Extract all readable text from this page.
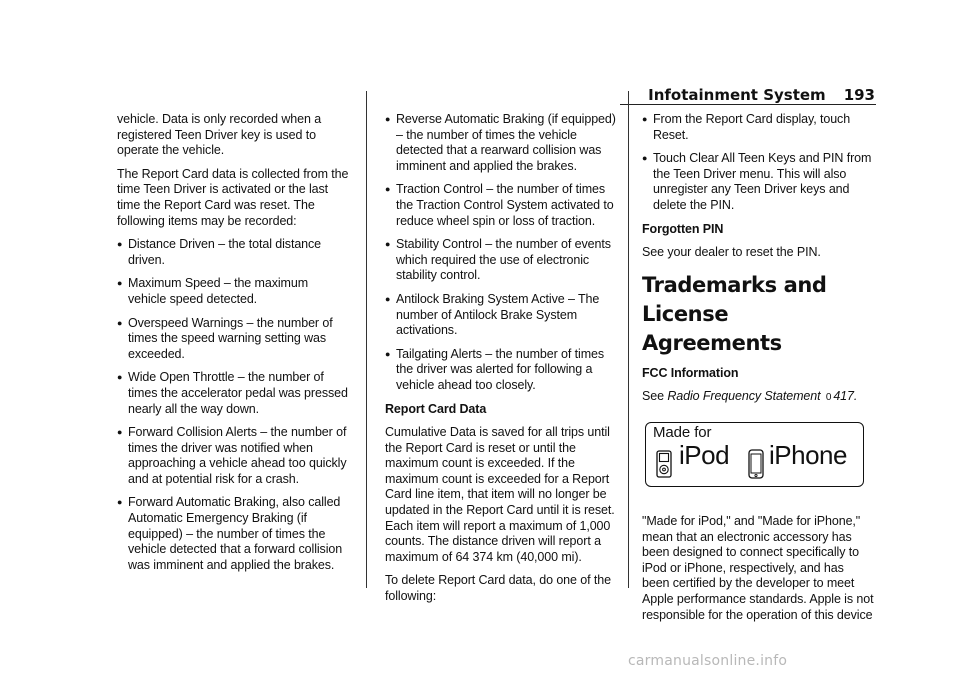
Infotainment System 193

vehicle. Data is only recorded when a registered Teen Driver key is used to operate the vehicle.

The Report Card data is collected from the time Teen Driver is activated or the last time the Report Card was reset. The following items may be recorded:

● Distance Driven – the total distance driven.
● Maximum Speed – the maximum vehicle speed detected.
● Overspeed Warnings – the number of times the speed warning setting was exceeded.
● Wide Open Throttle – the number of times the accelerator pedal was pressed nearly all the way down.
● Forward Collision Alerts – the number of times the driver was notified when approaching a vehicle ahead too quickly and at potential risk for a crash.
● Forward Automatic Braking, also called Automatic Emergency Braking (if equipped) – the number of times the vehicle detected that a forward collision was imminent and applied the brakes.
● Reverse Automatic Braking (if equipped) – the number of times the vehicle detected that a rearward collision was imminent and applied the brakes.
● Traction Control – the number of times the Traction Control System activated to reduce wheel spin or loss of traction.
● Stability Control – the number of events which required the use of electronic stability control.
● Antilock Braking System Active – The number of Antilock Brake System activations.
● Tailgating Alerts – the number of times the driver was alerted for following a vehicle ahead too closely.

Report Card Data

Cumulative Data is saved for all trips until the Report Card is reset or until the maximum count is exceeded. If the maximum count is exceeded for a Report Card line item, that item will no longer be updated in the Report Card until it is reset. Each item will report a maximum of 1,000 counts. The distance driven will report a maximum of 64 374 km (40,000 mi).

To delete Report Card data, do one of the following:

● From the Report Card display, touch Reset.
● Touch Clear All Teen Keys and PIN from the Teen Driver menu. This will also unregister any Teen Driver keys and delete the PIN.

Forgotten PIN

See your dealer to reset the PIN.

Trademarks and License Agreements

FCC Information

See Radio Frequency Statement 0 417.

Made for
iPod iPhone

"Made for iPod," and "Made for iPhone," mean that an electronic accessory has been designed to connect specifically to iPod or iPhone, respectively, and has been certified by the developer to meet Apple performance standards. Apple is not responsible for the operation of this device

carmanualsonline.info
